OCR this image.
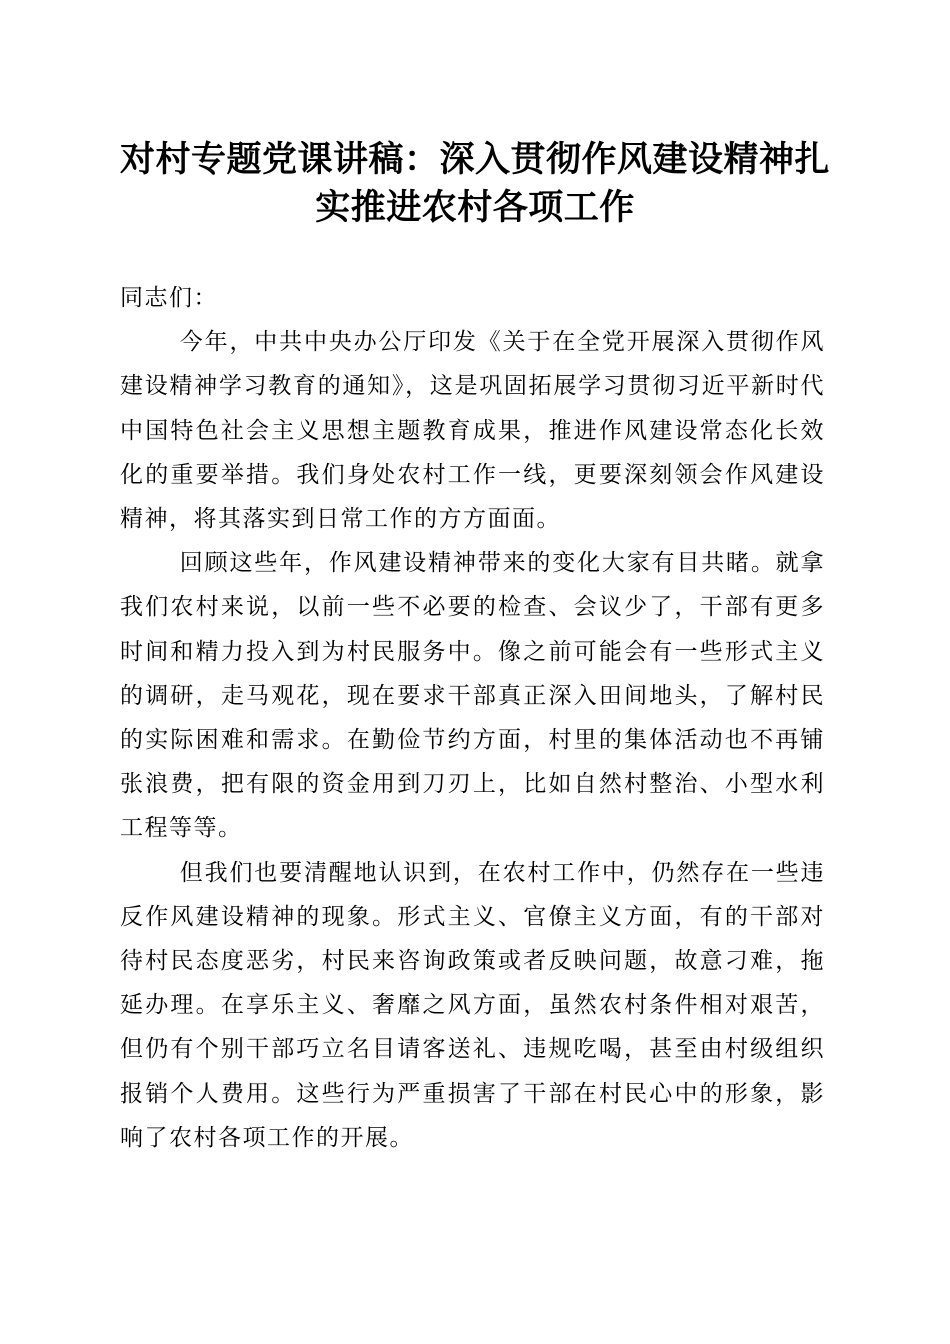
对村专题党课讲稿：深入贯彻作风建设精神扎
实推进农村各项工作

同志们：

今年，中共中央办公厅印发《关于在全党开展深入贯彻作风建设精神学习教育的通知》，这是巩固拓展学习贯彻习近平新时代中国特色社会主义思想主题教育成果，推进作风建设常态化长效化的重要举措。我们身处农村工作一线，更要深刻领会作风建设精神，将其落实到日常工作的方方面面。

回顾这些年，作风建设精神带来的变化大家有目共睹。就拿我们农村来说，以前一些不必要的检查、会议少了，干部有更多时间和精力投入到为村民服务中。像之前可能会有一些形式主义的调研，走马观花，现在要求干部真正深入田间地头，了解村民的实际困难和需求。在勤俭节约方面，村里的集体活动也不再铺张浪费，把有限的资金用到刀刃上，比如自然村整治、小型水利工程等等。

但我们也要清醒地认识到，在农村工作中，仍然存在一些违反作风建设精神的现象。形式主义、官僚主义方面，有的干部对待村民态度恶劣，村民来咨询政策或者反映问题，故意刁难，拖延办理。在享乐主义、奢靡之风方面，虽然农村条件相对艰苦，但仍有个别干部巧立名目请客送礼、违规吃喝，甚至由村级组织报销个人费用。这些行为严重损害了干部在村民心中的形象，影响了农村各项工作的开展。
